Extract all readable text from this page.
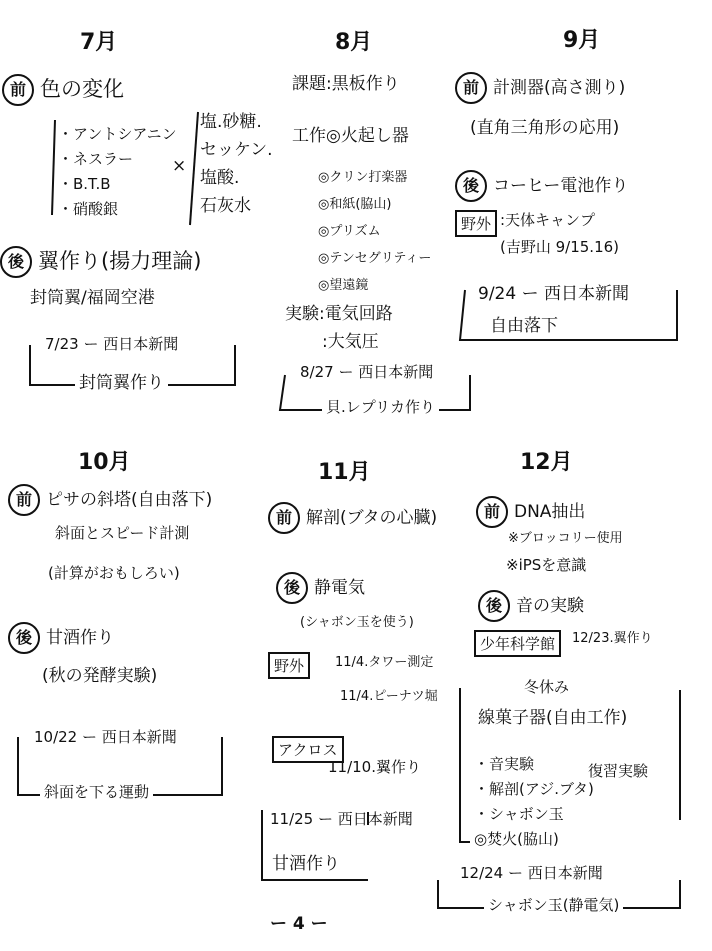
7月
前 色の変化
・アントシアニン
・ネスラー
・B.T.B
・硝酸銀
×
塩.砂糖.
セッケン.
塩酸.
石灰水
後 翼作り(揚力理論)
封筒翼/福岡空港
7/23 ー 西日本新聞
封筒翼作り
8月
課題:黒板作り
工作◎火起し器
◎クリン打楽器
◎和紙(脇山)
◎プリズム
◎テンセグリティー
◎望遠鏡
実験:電気回路
:大気圧
8/27 ー 西日本新聞
貝.レプリカ作り
9月
前 計測器(高さ測り)
(直角三角形の応用)
後 コーヒー電池作り
野外 :天体キャンプ
(吉野山 9/15.16)
9/24 ー 西日本新聞
自由落下
10月
前 ピサの斜塔(自由落下)
斜面とスピード計測
(計算がおもしろい)
後 甘酒作り
(秋の発酵実験)
10/22 ー 西日本新聞
斜面を下る運動
11月
前 解剖(ブタの心臓)
後 静電気
(シャボン玉を使う)
野外	11/4.タワー測定
11/4.ピーナツ堀
アクロス
11/10.翼作り
11/25 ー 西日本新聞
甘酒作り
12月
前 DNA抽出
※ブロッコリー使用
※iPSを意識
後 音の実験
少年科学館	12/23.翼作り
冬休み
線菓子器(自由工作)
・音実験
・解剖(アジ.ブタ)
・シャボン玉
◎焚火(脇山)
復習実験
12/24 ー 西日本新聞
シャボン玉(静電気)
ー 4 ー
